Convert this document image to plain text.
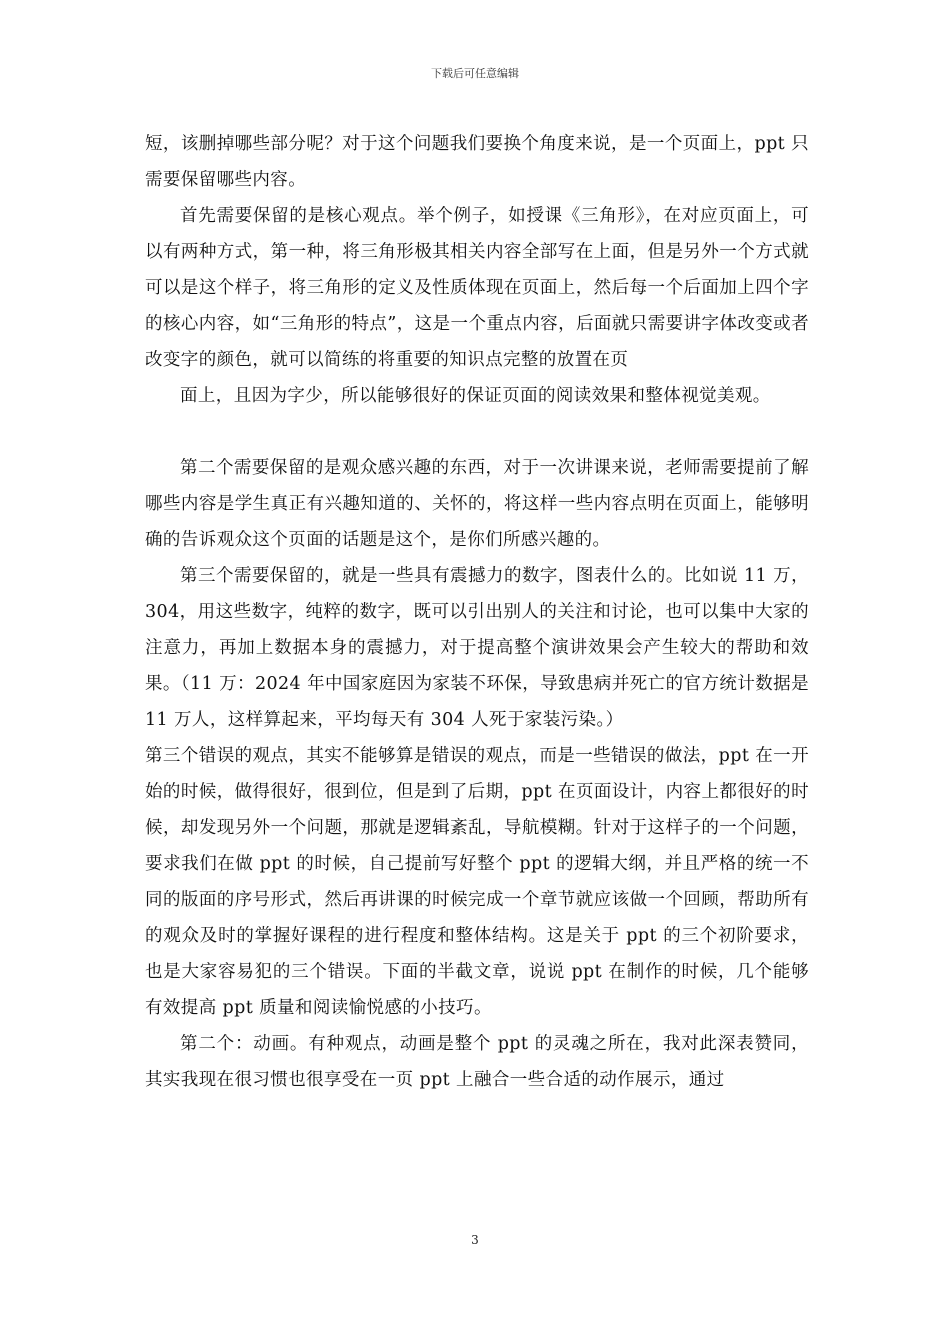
下载后可任意编辑

短，该删掉哪些部分呢？对于这个问题我们要换个角度来说，是一个页面上，ppt 只需要保留哪些内容。

首先需要保留的是核心观点。举个例子，如授课《三角形》，在对应页面上，可以有两种方式，第一种，将三角形极其相关内容全部写在上面，但是另外一个方式就可以是这个样子，将三角形的定义及性质体现在页面上，然后每一个后面加上四个字的核心内容，如“三角形的特点”，这是一个重点内容，后面就只需要讲字体改变或者改变字的颜色，就可以简练的将重要的知识点完整的放置在页

面上，且因为字少，所以能够很好的保证页面的阅读效果和整体视觉美观。

第二个需要保留的是观众感兴趣的东西，对于一次讲课来说，老师需要提前了解哪些内容是学生真正有兴趣知道的、关怀的，将这样一些内容点明在页面上，能够明确的告诉观众这个页面的话题是这个，是你们所感兴趣的。

第三个需要保留的，就是一些具有震撼力的数字，图表什么的。比如说 11 万，304，用这些数字，纯粹的数字，既可以引出别人的关注和讨论，也可以集中大家的注意力，再加上数据本身的震撼力，对于提高整个演讲效果会产生较大的帮助和效果。（11 万：2024 年中国家庭因为家装不环保，导致患病并死亡的官方统计数据是 11 万人，这样算起来，平均每天有 304 人死于家装污染。）

第三个错误的观点，其实不能够算是错误的观点，而是一些错误的做法，ppt 在一开始的时候，做得很好，很到位，但是到了后期，ppt 在页面设计，内容上都很好的时候，却发现另外一个问题，那就是逻辑紊乱，导航模糊。针对于这样子的一个问题，要求我们在做 ppt 的时候，自己提前写好整个 ppt 的逻辑大纲，并且严格的统一不同的版面的序号形式，然后再讲课的时候完成一个章节就应该做一个回顾，帮助所有的观众及时的掌握好课程的进行程度和整体结构。这是关于 ppt 的三个初阶要求，也是大家容易犯的三个错误。下面的半截文章，说说 ppt 在制作的时候，几个能够有效提高 ppt 质量和阅读愉悦感的小技巧。

第二个：动画。有种观点，动画是整个 ppt 的灵魂之所在，我对此深表赞同，其实我现在很习惯也很享受在一页 ppt 上融合一些合适的动作展示，通过

3
